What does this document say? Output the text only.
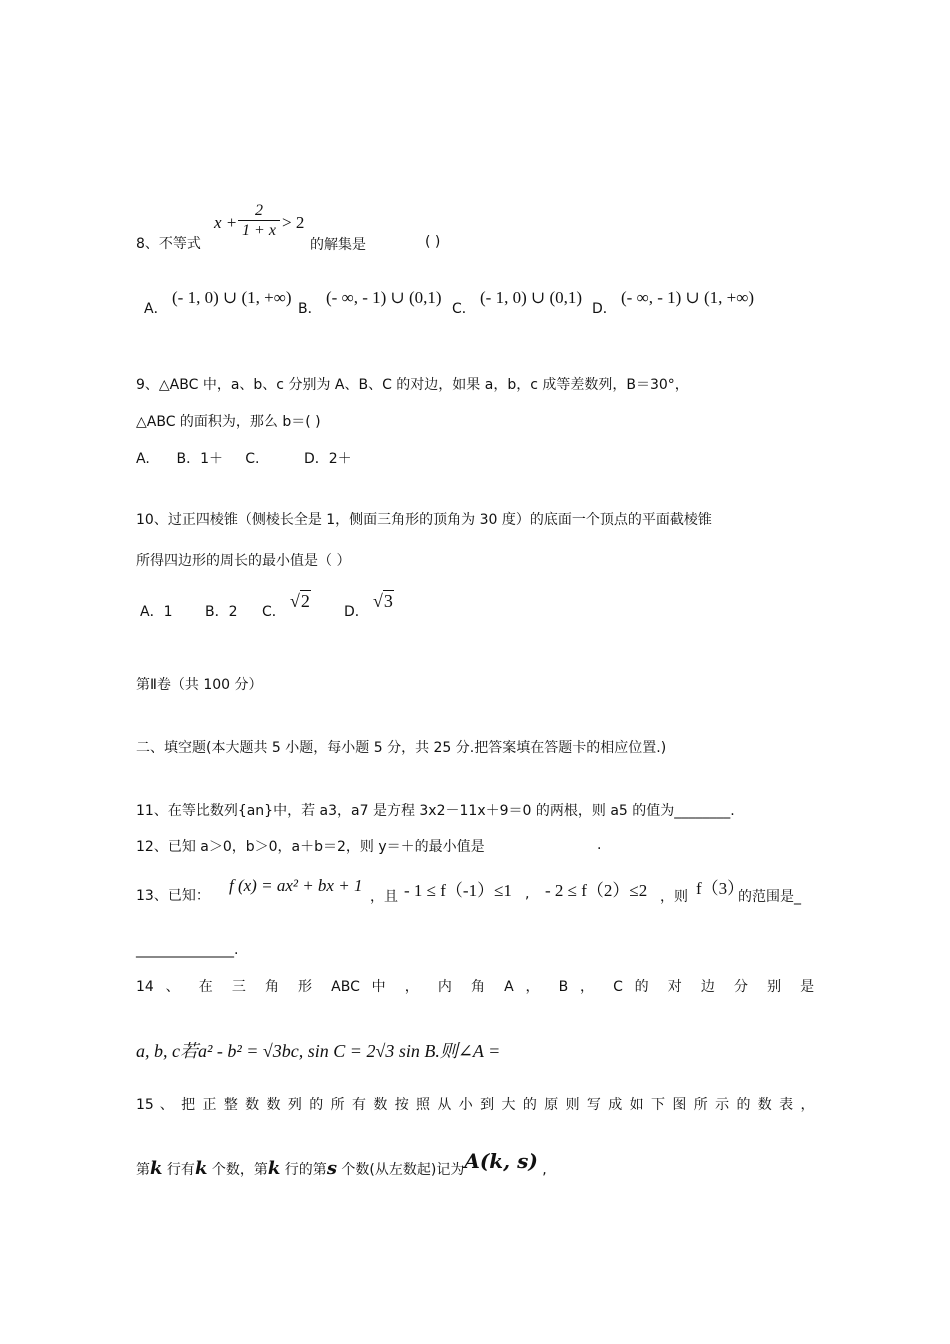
8、不等式
x +
2
1 + x > 2
的解集是	( )
A．
(- 1, 0) ∪ (1, +∞)
B．
(- ∞, - 1) ∪ (0,1)
C．
(- 1, 0) ∪ (0,1)
D．
(- ∞, - 1) ∪ (1, +∞)
9、△ABC 中，a、b、c 分别为 A、B、C 的对边，如果 a，b，c 成等差数列，B＝30°，
△ABC 的面积为，那么 b＝( )
A.      B．1＋     C.          D．2＋
10、过正四棱锥（侧棱长全是 1，侧面三角形的顶角为 30 度）的底面一个顶点的平面截棱锥
所得四边形的周长的最小值是（ ）
A．1 B．2 C．
√2
D．
√3
第Ⅱ卷（共 100 分）
二、填空题(本大题共 5 小题，每小题 5 分，共 25 分.把答案填在答题卡的相应位置.)
11、在等比数列{an}中，若 a3，a7 是方程 3x2－11x＋9＝0 的两根，则 a5 的值为________.
12、已知 a＞0，b＞0，a＋b＝2，则 y＝＋的最小值是	.
13、已知：
f (x) = ax² + bx + 1
，且 - 1 ≤ f（-1）≤1 , - 2 ≤ f（2）≤2 ，则 f（3）
的范围是_
______________.
14 、 在 三 角 形 ABC 中 ， 内 角 A ， B ， C 的 对 边 分 别 是
a, b, c若a² - b² = √3bc, sin C = 2√3 sin B.则∠A =
15 、 把 正 整 数 数 列 的 所 有 数 按 照 从 小 到 大 的 原 则 写 成 如 下 图 所 示 的 数 表 ，
第k 行有k 个数，第k 行的第s 个数(从左数起)记为A(k, s) ,
